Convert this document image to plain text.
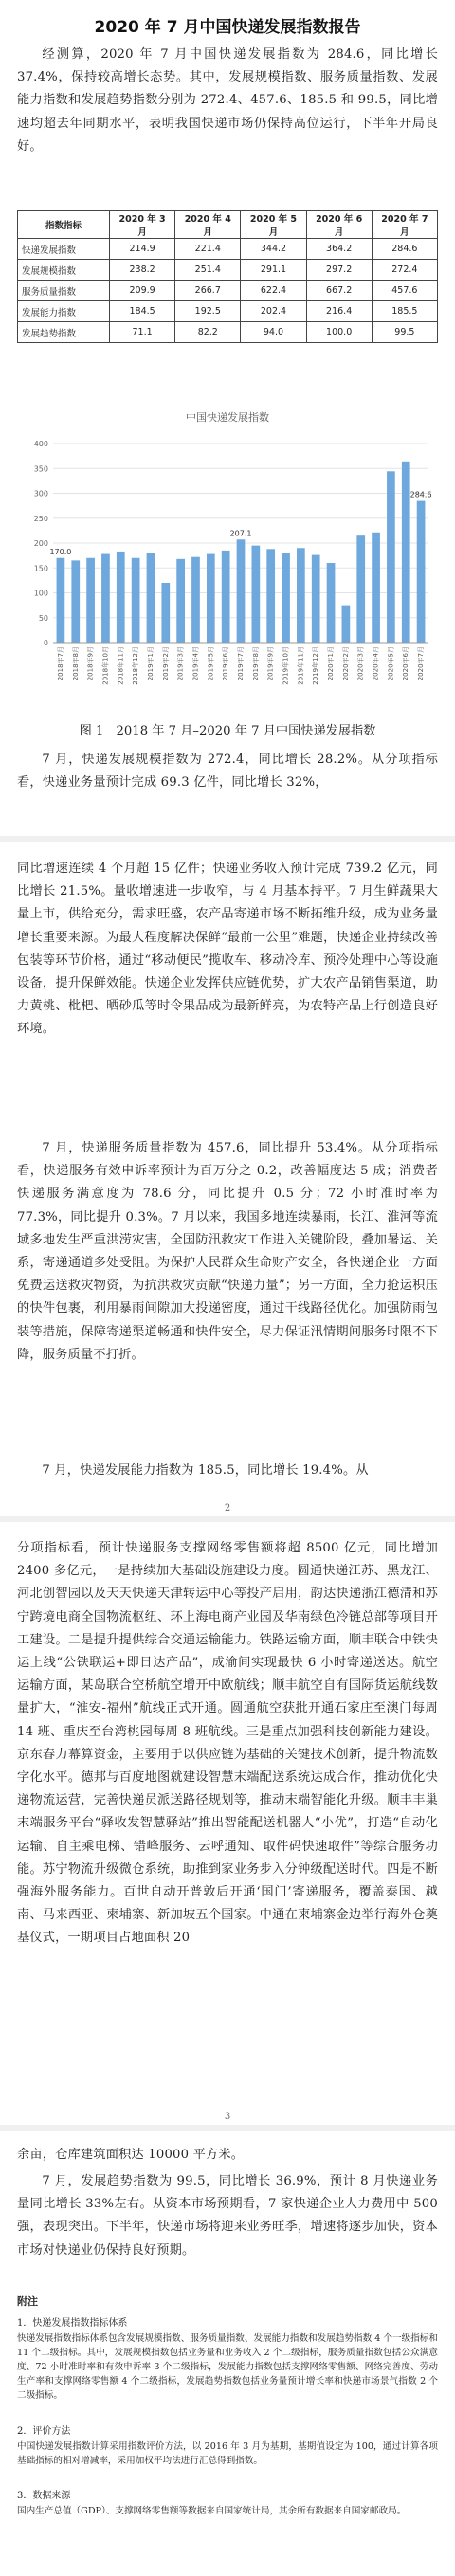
2020 年 7 月中国快递发展指数报告

经测算，2020 年 7 月中国快递发展指数为 284.6，同比增长 37.4%，保持较高增长态势。其中，发展规模指数、服务质量指数、发展能力指数和发展趋势指数分别为 272.4、457.6、185.5 和 99.5，同比增速均超去年同期水平，表明我国快递市场仍保持高位运行，下半年开局良好。

指数指标	2020 年 3 月	2020 年 4 月	2020 年 5 月	2020 年 6 月	2020 年 7 月
快递发展指数	214.9	221.4	344.2	364.2	284.6
发展规模指数	238.2	251.4	291.1	297.2	272.4
服务质量指数	209.9	266.7	622.4	667.2	457.6
发展能力指数	184.5	192.5	202.4	216.4	185.5
发展趋势指数	71.1	82.2	94.0	100.0	99.5
中国快递发展指数
0
50
100
150
200
250
300
350
400
170.0
2018年7月 2018年8月 2018年9月 2018年10月 2018年11月 2018年12月 2019年1月 2019年2月 2019年3月 2019年4月 2019年5月 2019年6月
207.1
2019年7月 2019年8月 2019年9月 2019年10月 2019年11月 2019年12月 2020年1月 2020年2月 2020年3月 2020年4月 2020年5月 2020年6月
284.6
2020年7月
图 1　2018 年 7 月–2020 年 7 月中国快递发展指数

7 月，快递发展规模指数为 272.4，同比增长 28.2%。从分项指标看，快递业务量预计完成 69.3 亿件，同比增长 32%，

同比增速连续 4 个月超 15 亿件；快递业务收入预计完成 739.2 亿元，同比增长 21.5%。量收增速进一步收窄，与 4 月基本持平。7 月生鲜蔬果大量上市，供给充分，需求旺盛，农产品寄递市场不断拓维升级，成为业务量增长重要来源。为最大程度解决保鲜“最前一公里”难题，快递企业持续改善包装等环节价格，通过“移动便民”揽收车、移动冷库、预冷处理中心等设施设备，提升保鲜效能。快递企业发挥供应链优势，扩大农产品销售渠道，助力黄桃、枇杷、晒砂瓜等时令果品成为最新鲜亮，为农特产品上行创造良好环境。

7 月，快递服务质量指数为 457.6，同比提升 53.4%。从分项指标看，快递服务有效申诉率预计为百万分之 0.2，改善幅度达 5 成；消费者快递服务满意度为 78.6 分，同比提升 0.5 分；72 小时准时率为 77.3%，同比提升 0.3%。7 月以来，我国多地连续暴雨，长江、淮河等流域多地发生严重洪涝灾害，全国防汛救灾工作进入关键阶段，叠加暑运、关系，寄递通道多处受阻。为保护人民群众生命财产安全，各快递企业一方面免费运送救灾物资，为抗洪救灾贡献“快递力量”；另一方面，全力抢运积压的快件包裹，利用暴雨间隙加大投递密度，通过干线路径优化。加强防雨包装等措施，保障寄递渠道畅通和快件安全，尽力保证汛情期间服务时限不下降，服务质量不打折。

7 月，快递发展能力指数为 185.5，同比增长 19.4%。从

2

分项指标看，预计快递服务支撑网络零售额将超 8500 亿元，同比增加 2400 多亿元，一是持续加大基础设施建设力度。圆通快递江苏、黑龙江、河北创智园以及天天快递天津转运中心等投产启用，韵达快递浙江德清和苏宁跨境电商全国物流枢纽、环上海电商产业园及华南绿色冷链总部等项目开工建设。二是提升提供综合交通运输能力。铁路运输方面，顺丰联合中铁快运上线“公铁联运+即日达产品”，成渝间实现最快 6 小时寄递送达。航空运输方面，某岛联合空桥航空增开中欧航线；顺丰航空自有国际货运航线数量扩大，“淮安-福州”航线正式开通。圆通航空获批开通石家庄至澳门每周 14 班、重庆至台湾桃园每周 8 班航线。三是重点加强科技创新能力建设。京东春力幕算资金，主要用于以供应链为基础的关键技术创新，提升物流数字化水平。德邦与百度地图就建设智慧末端配送系统达成合作，推动优化快递物流运营，完善快递员派送路径规划等，推动末端智能化升级。顺丰丰巢末端服务平台“驿收发智慧驿站”推出智能配送机器人“小优”，打造“自动化运输、自主乘电梯、错峰服务、云呼通知、取件码快速取件”等综合服务功能。苏宁物流升级微仓系统，助推到家业务步入分钟级配送时代。四是不断强海外服务能力。百世自动开普敦后开通‘国门’寄递服务，覆盖泰国、越南、马来西亚、柬埔寨、新加坡五个国家。中通在柬埔寨金边举行海外仓奠基仪式，一期项目占地面积 20

3

余亩，仓库建筑面积达 10000 平方米。

7 月，发展趋势指数为 99.5，同比增长 36.9%，预计 8 月快递业务量同比增长 33%左右。从资本市场预期看，7 家快递企业人力费用中 500 强，表现突出。下半年，快递市场将迎来业务旺季，增速将逐步加快，资本市场对快递业仍保持良好预期。

附注
1．快递发展指数指标体系

快递发展指数指标体系包含发展规模指数、服务质量指数、发展能力指数和发展趋势指数 4 个一级指标和 11 个二级指标。其中，发展规模指数包括业务量和业务收入 2 个二级指标，服务质量指数包括公众满意度、72 小时准时率和有效申诉率 3 个二级指标，发展能力指数包括支撑网络零售额、网络完善度、劳动生产率和支撑网络零售额 4 个二级指标，发展趋势指数包括业务量预计增长率和快递市场景气指数 2 个二级指标。

2．评价方法

中国快递发展指数计算采用指数评价方法，以 2016 年 3 月为基期，基期值设定为 100，通过计算各项基础指标的相对增减率，采用加权平均法进行汇总得到指数。

3．数据来源

国内生产总值（GDP）、支撑网络零售额等数据来自国家统计局，其余所有数据来自国家邮政局。
